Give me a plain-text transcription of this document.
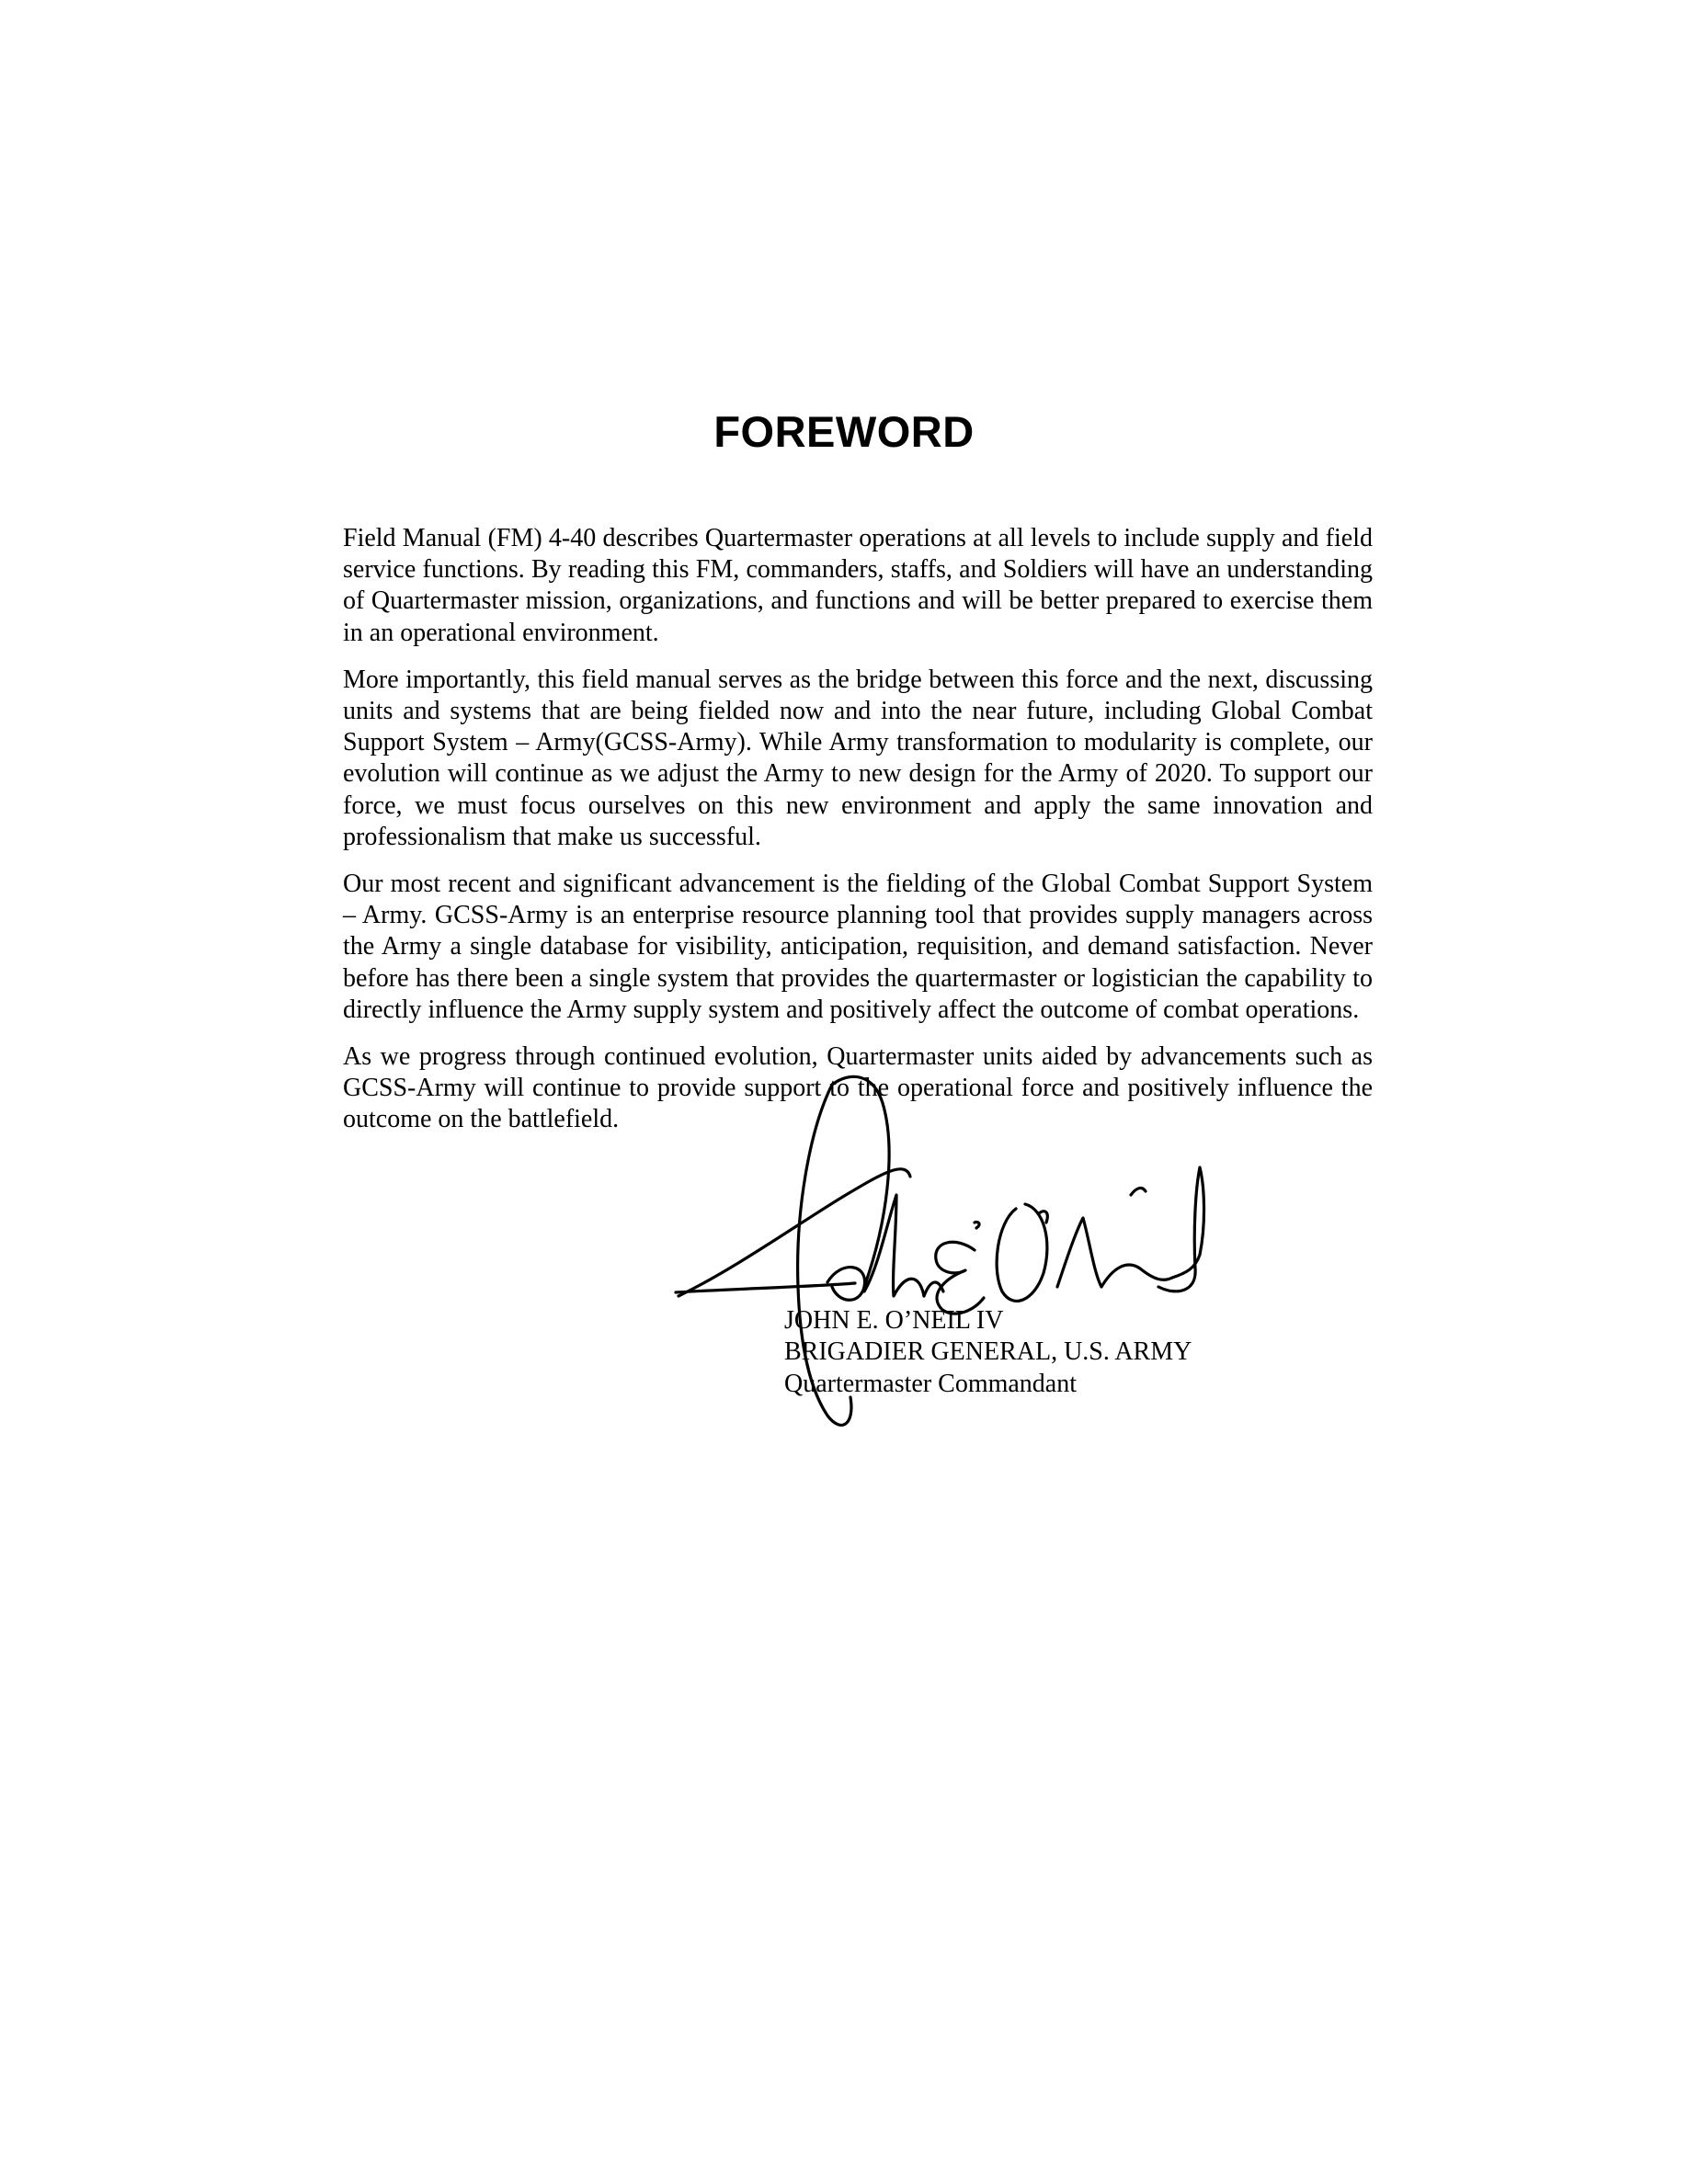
FOREWORD

Field Manual (FM) 4-40 describes Quartermaster operations at all levels to include supply and field service functions. By reading this FM, commanders, staffs, and Soldiers will have an understanding of Quartermaster mission, organizations, and functions and will be better prepared to exercise them in an operational environment.

More importantly, this field manual serves as the bridge between this force and the next, discussing units and systems that are being fielded now and into the near future, including Global Combat Support System – Army(GCSS-Army). While Army transformation to modularity is complete, our evolution will continue as we adjust the Army to new design for the Army of 2020. To support our force, we must focus ourselves on this new environment and apply the same innovation and professionalism that make us successful.

Our most recent and significant advancement is the fielding of the Global Combat Support System – Army. GCSS-Army is an enterprise resource planning tool that provides supply managers across the Army a single database for visibility, anticipation, requisition, and demand satisfaction. Never before has there been a single system that provides the quartermaster or logistician the capability to directly influence the Army supply system and positively affect the outcome of combat operations.

As we progress through continued evolution, Quartermaster units aided by advancements such as GCSS-Army will continue to provide support to the operational force and positively influence the outcome on the battlefield.

JOHN E. O’NEIL IV
BRIGADIER GENERAL, U.S. ARMY
Quartermaster Commandant
